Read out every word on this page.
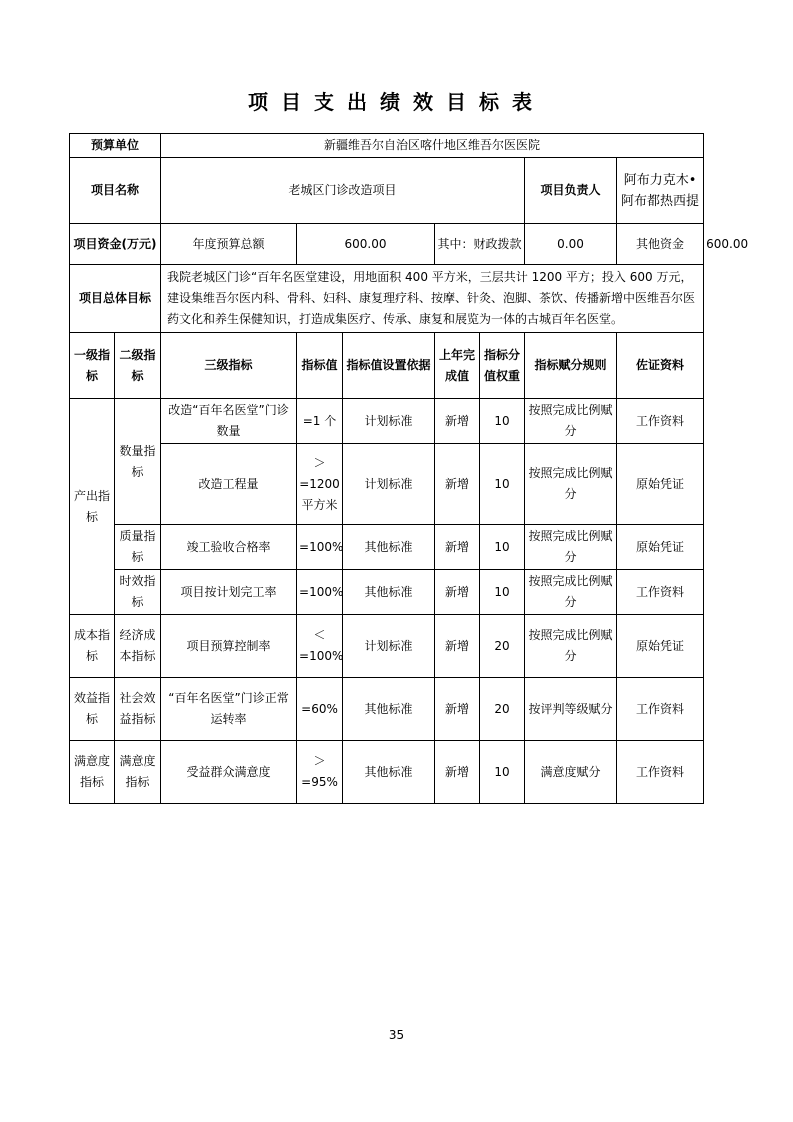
项目支出绩效目标表
预算单位		新疆维吾尔自治区喀什地区维吾尔医医院							
项目名称		老城区门诊改造项目					项目负责人	阿布力克木•阿布都热西提	
项目资金(万元)		年度预算总额	600.00		其中：财政拨款		0.00	其他资金	600.00
项目总体目标		我院老城区门诊“百年名医堂建设，用地面积 400 平方米，三层共计 1200 平方；投入 600 万元，建设集维吾尔医内科、骨科、妇科、康复理疗科、按摩、针灸、泡脚、茶饮、传播新增中医维吾尔医药文化和养生保健知识，打造成集医疗、传承、康复和展览为一体的古城百年名医堂。							
一级指标	二级指标	三级指标	指标值	指标值设置依据	上年完成值	指标分值权重	指标赋分规则	佐证资料	
产出指标	数量指标	改造“百年名医堂”门诊数量	=1 个	计划标准	新增	10	按照完成比例赋分	工作资料	
		改造工程量	＞=1200平方米	计划标准	新增	10	按照完成比例赋分	原始凭证	
	质量指标	竣工验收合格率	=100%	其他标准	新增	10	按照完成比例赋分	原始凭证	
	时效指标	项目按计划完工率	=100%	其他标准	新增	10	按照完成比例赋分	工作资料	
成本指标	经济成本指标	项目预算控制率	＜=100%	计划标准	新增	20	按照完成比例赋分	原始凭证	
效益指标	社会效益指标	“百年名医堂”门诊正常运转率	=60%	其他标准	新增	20	按评判等级赋分	工作资料	
满意度指标	满意度指标	受益群众满意度	＞=95%	其他标准	新增	10	满意度赋分	工作资料	
35
